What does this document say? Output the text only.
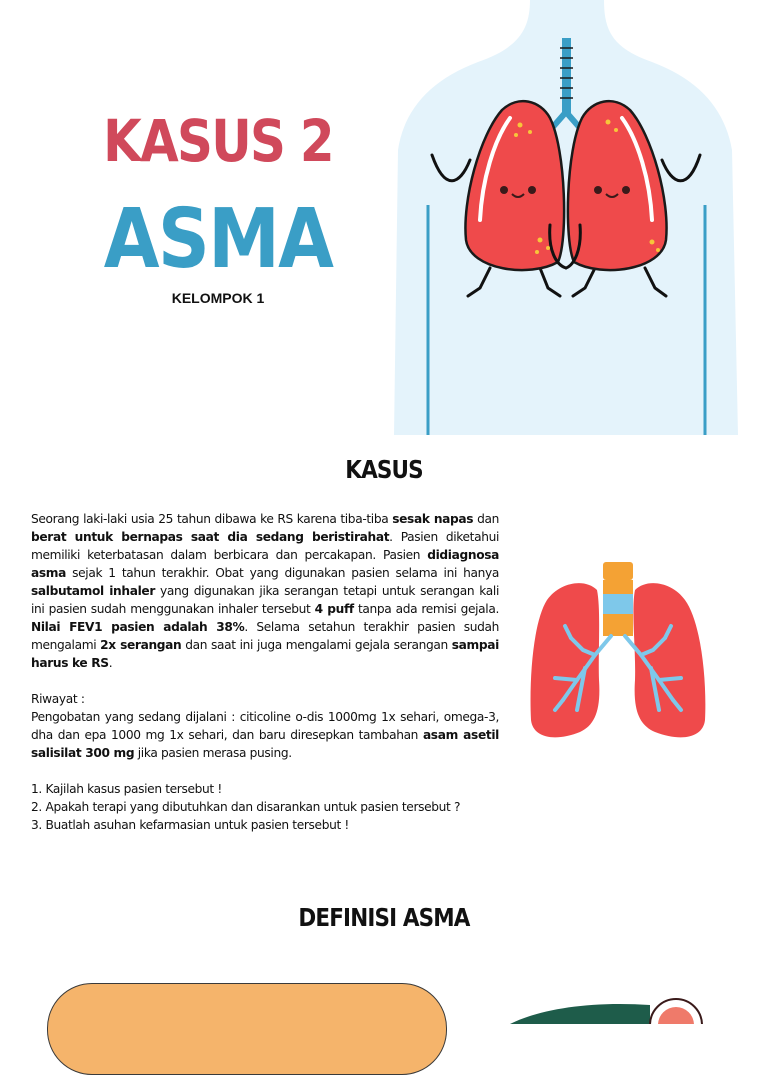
KASUS 2
ASMA
KELOMPOK 1
KASUS

Seorang laki-laki usia 25 tahun dibawa ke RS karena tiba-tiba sesak napas dan berat untuk bernapas saat dia sedang beristirahat. Pasien diketahui memiliki keterbatasan dalam berbicara dan percakapan. Pasien didiagnosa asma sejak 1 tahun terakhir. Obat yang digunakan pasien selama ini hanya salbutamol inhaler yang digunakan jika serangan tetapi untuk serangan kali ini pasien sudah menggunakan inhaler tersebut 4 puff tanpa ada remisi gejala. Nilai FEV1 pasien adalah 38%. Selama setahun terakhir pasien sudah mengalami 2x serangan dan saat ini juga mengalami gejala serangan sampai harus ke RS.

Riwayat :

Pengobatan yang sedang dijalani : citicoline o-dis 1000mg 1x sehari, omega-3, dha dan epa 1000 mg 1x sehari, dan baru diresepkan tambahan asam asetil salisilat 300 mg jika pasien merasa pusing.

1. Kajilah kasus pasien tersebut !

2. Apakah terapi yang dibutuhkan dan disarankan untuk pasien tersebut ?

3. Buatlah asuhan kefarmasian untuk pasien tersebut !

DEFINISI ASMA
